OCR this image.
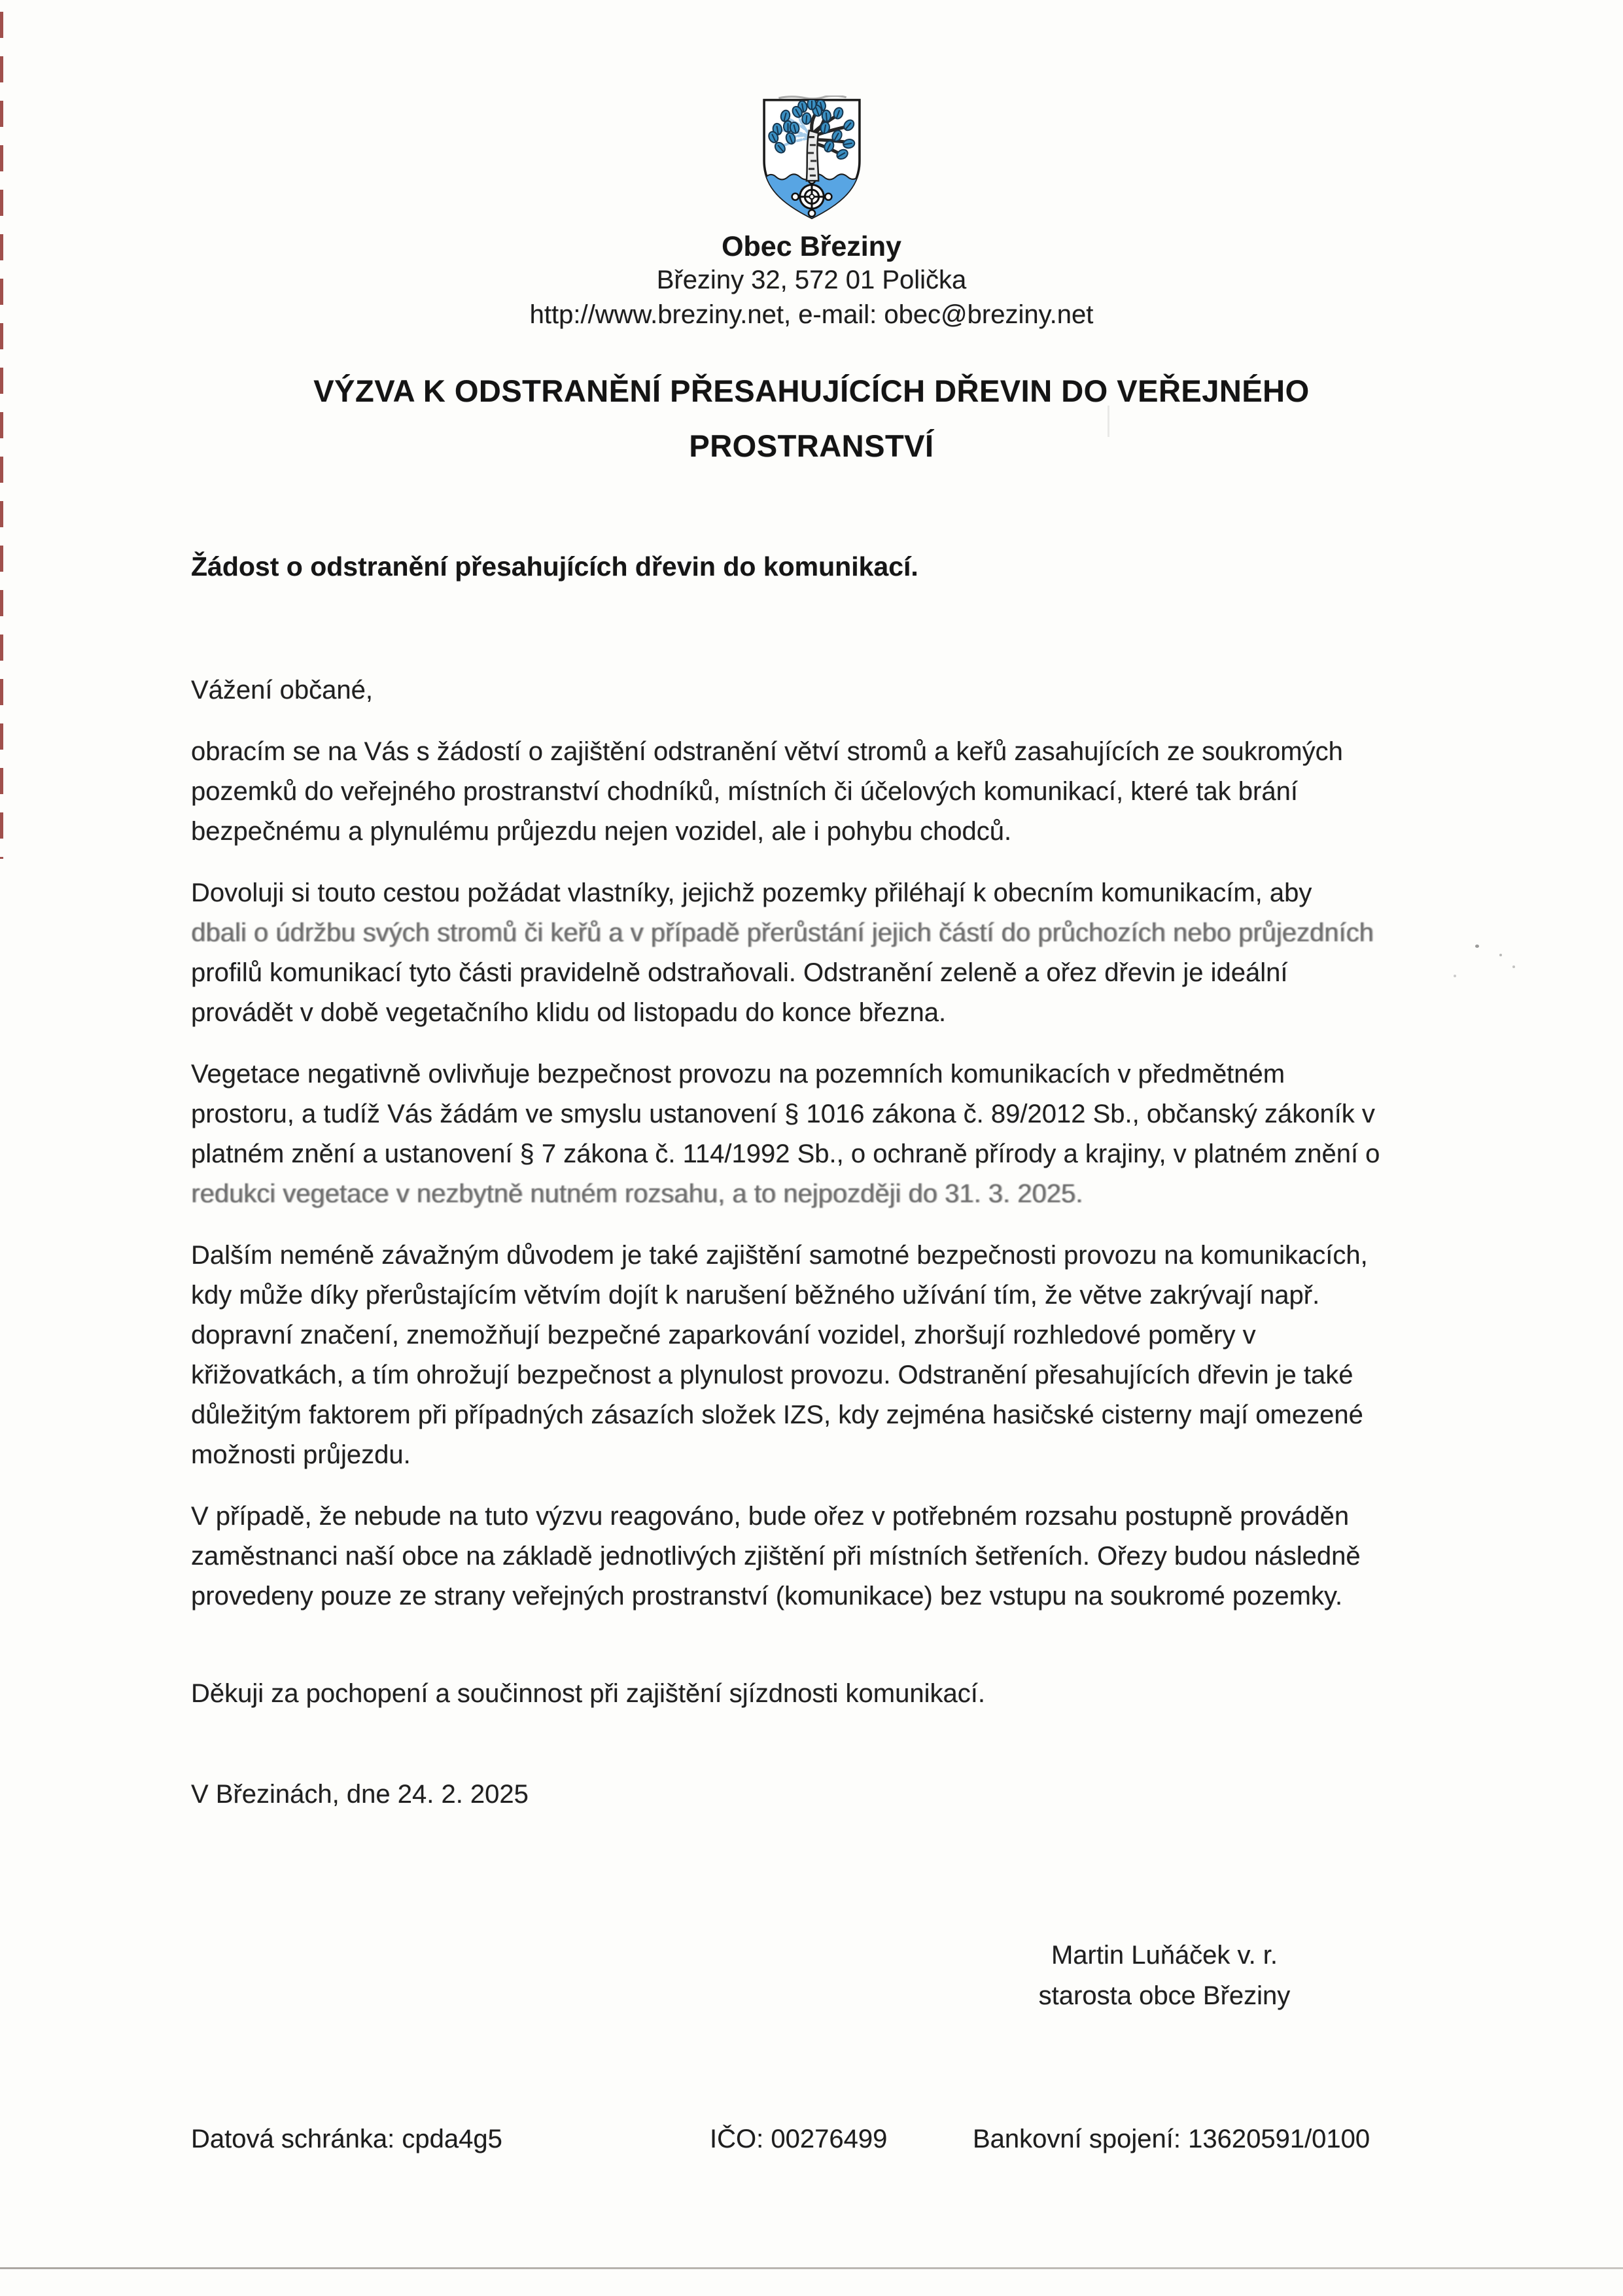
Obec Březiny
Březiny 32, 572 01 Polička
http://www.breziny.net, e-mail: obec@breziny.net
VÝZVA K ODSTRANĚNÍ PŘESAHUJÍCÍCH DŘEVIN DO VEŘEJNÉHO
PROSTRANSTVÍ
Žádost o odstranění přesahujících dřevin do komunikací.
Vážení občané,
obracím se na Vás s žádostí o zajištění odstranění větví stromů a keřů zasahujících ze soukromých
pozemků do veřejného prostranství chodníků, místních či účelových komunikací, které tak brání
bezpečnému a plynulému průjezdu nejen vozidel, ale i pohybu chodců.
Dovoluji si touto cestou požádat vlastníky, jejichž pozemky přiléhají k obecním komunikacím, aby
dbali o údržbu svých stromů či keřů a v případě přerůstání jejich částí do průchozích nebo průjezdních
profilů komunikací tyto části pravidelně odstraňovali. Odstranění zeleně a ořez dřevin je ideální
provádět v době vegetačního klidu od listopadu do konce března.
Vegetace negativně ovlivňuje bezpečnost provozu na pozemních komunikacích v předmětném
prostoru, a tudíž Vás žádám ve smyslu ustanovení § 1016 zákona č. 89/2012 Sb., občanský zákoník v
platném znění a ustanovení § 7 zákona č. 114/1992 Sb., o ochraně přírody a krajiny, v platném znění o
redukci vegetace v nezbytně nutném rozsahu, a to nejpozději do 31. 3. 2025.
Dalším neméně závažným důvodem je také zajištění samotné bezpečnosti provozu na komunikacích,
kdy může díky přerůstajícím větvím dojít k narušení běžného užívání tím, že větve zakrývají např.
dopravní značení, znemožňují bezpečné zaparkování vozidel, zhoršují rozhledové poměry v
křižovatkách, a tím ohrožují bezpečnost a plynulost provozu. Odstranění přesahujících dřevin je také
důležitým faktorem při případných zásazích složek IZS, kdy zejména hasičské cisterny mají omezené
možnosti průjezdu.
V případě, že nebude na tuto výzvu reagováno, bude ořez v potřebném rozsahu postupně prováděn
zaměstnanci naší obce na základě jednotlivých zjištění při místních šetřeních. Ořezy budou následně
provedeny pouze ze strany veřejných prostranství (komunikace) bez vstupu na soukromé pozemky.
Děkuji za pochopení a součinnost při zajištění sjízdnosti komunikací.
V Březinách, dne 24. 2. 2025
Martin Luňáček v. r.
starosta obce Březiny
Datová schránka: cpda4g5	IČO: 00276499	Bankovní spojení: 13620591/0100
